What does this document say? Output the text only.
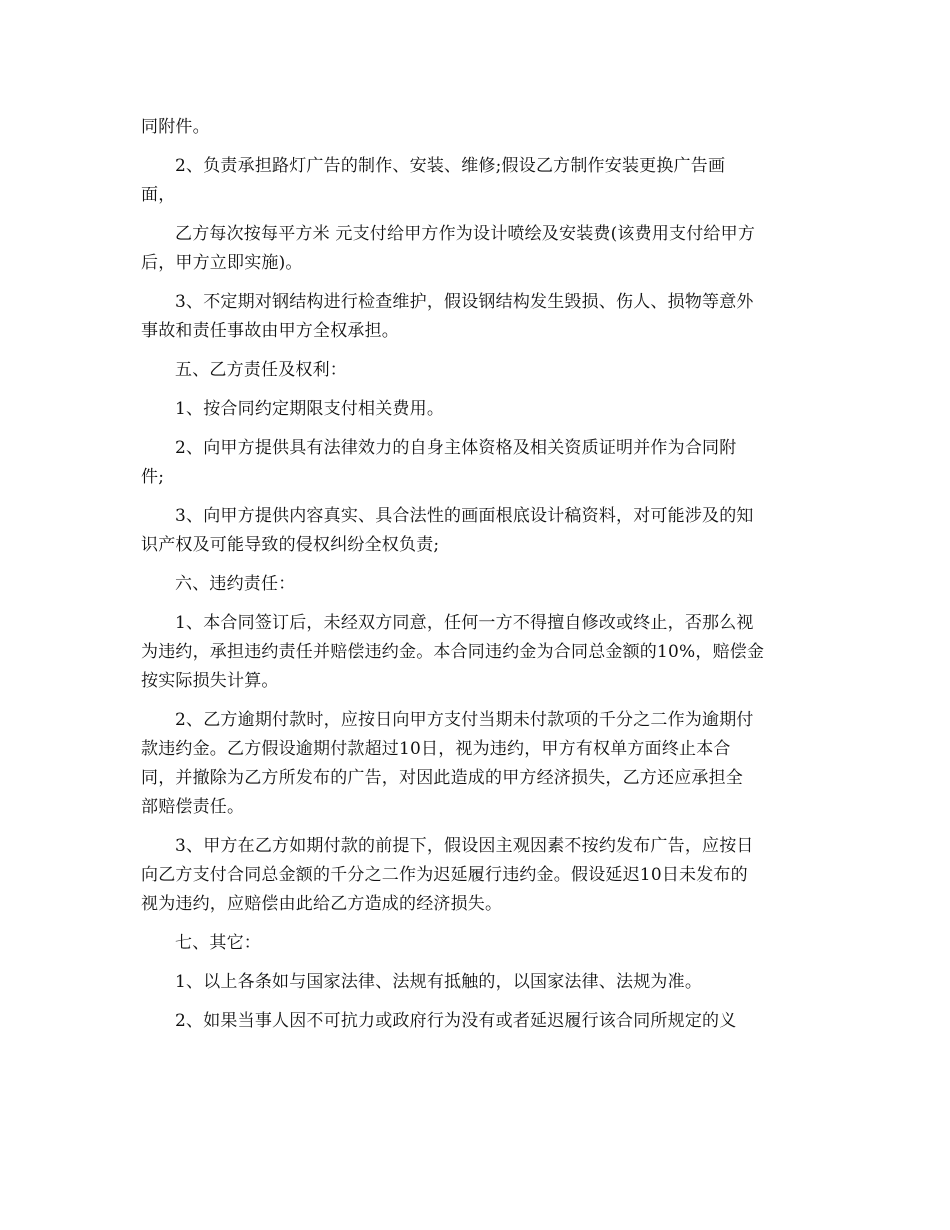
同附件。
2、负责承担路灯广告的制作、安装、维修;假设乙方制作安装更换广告画
面，
乙方每次按每平方米 元支付给甲方作为设计喷绘及安装费(该费用支付给甲方
后，甲方立即实施)。
3、不定期对钢结构进行检查维护，假设钢结构发生毁损、伤人、损物等意外
事故和责任事故由甲方全权承担。
五、乙方责任及权利：
1、按合同约定期限支付相关费用。
2、向甲方提供具有法律效力的自身主体资格及相关资质证明并作为合同附
件;
3、向甲方提供内容真实、具合法性的画面根底设计稿资料，对可能涉及的知
识产权及可能导致的侵权纠纷全权负责;
六、违约责任：
1、本合同签订后，未经双方同意，任何一方不得擅自修改或终止，否那么视
为违约，承担违约责任并赔偿违约金。本合同违约金为合同总金额的10%，赔偿金
按实际损失计算。
2、乙方逾期付款时，应按日向甲方支付当期未付款项的千分之二作为逾期付
款违约金。乙方假设逾期付款超过10日，视为违约，甲方有权单方面终止本合
同，并撤除为乙方所发布的广告，对因此造成的甲方经济损失，乙方还应承担全
部赔偿责任。
3、甲方在乙方如期付款的前提下，假设因主观因素不按约发布广告，应按日
向乙方支付合同总金额的千分之二作为迟延履行违约金。假设延迟10日未发布的
视为违约，应赔偿由此给乙方造成的经济损失。
七、其它：
1、以上各条如与国家法律、法规有抵触的，以国家法律、法规为准。
2、如果当事人因不可抗力或政府行为没有或者延迟履行该合同所规定的义
